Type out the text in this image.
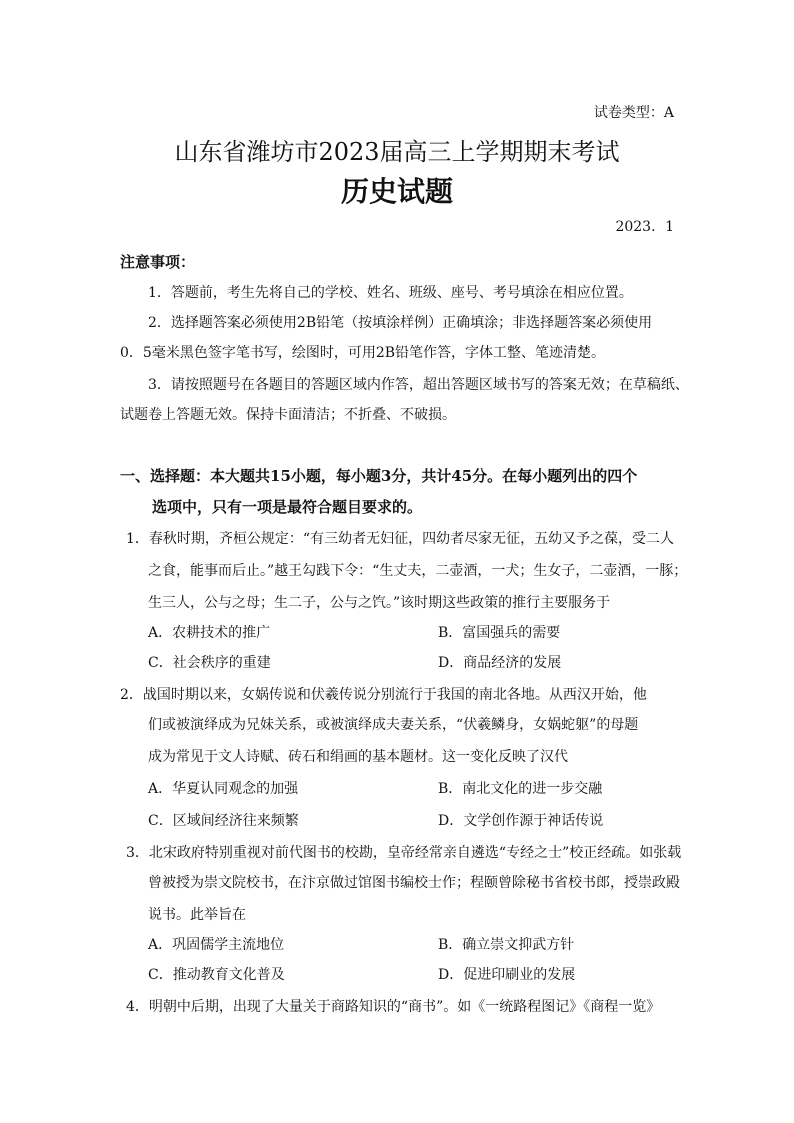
试卷类型：A
山东省潍坊市2023届高三上学期期末考试
历史试题
2023．1
注意事项：
1．答题前，考生先将自己的学校、姓名、班级、座号、考号填涂在相应位置。
2．选择题答案必须使用2B铅笔（按填涂样例）正确填涂；非选择题答案必须使用
0．5毫米黑色签字笔书写，绘图时，可用2B铅笔作答，字体工整、笔迹清楚。
3．请按照题号在各题目的答题区域内作答，超出答题区域书写的答案无效；在草稿纸、
试题卷上答题无效。保持卡面清洁；不折叠、不破损。
一、选择题：本大题共15小题，每小题3分，共计45分。在每小题列出的四个
选项中，只有一项是最符合题目要求的。
1．春秋时期，齐桓公规定：“有三幼者无妇征，四幼者尽家无征，五幼又予之葆，受二人
之食，能事而后止。”越王勾践下令：“生丈夫，二壶酒，一犬；生女子，二壶酒，一豚；
生三人，公与之母；生二子，公与之饩。”该时期这些政策的推行主要服务于
A．农耕技术的推广	B．富国强兵的需要
C．社会秩序的重建	D．商品经济的发展
2．战国时期以来，女娲传说和伏羲传说分别流行于我国的南北各地。从西汉开始，他
们或被演绎成为兄妹关系，或被演绎成夫妻关系，“伏羲鳞身，女娲蛇躯”的母题
成为常见于文人诗赋、砖石和绢画的基本题材。这一变化反映了汉代
A．华夏认同观念的加强	B．南北文化的进一步交融
C．区域间经济往来频繁	D．文学创作源于神话传说
3．北宋政府特别重视对前代图书的校勘，皇帝经常亲自遴选“专经之士”校正经疏。如张载
曾被授为崇文院校书，在汴京做过馆图书编校士作；程颐曾除秘书省校书郎，授崇政殿
说书。此举旨在
A．巩固儒学主流地位	B．确立崇文抑武方针
C．推动教育文化普及	D．促进印刷业的发展
4．明朝中后期，出现了大量关于商路知识的“商书”。如《一统路程图记》《商程一览》
